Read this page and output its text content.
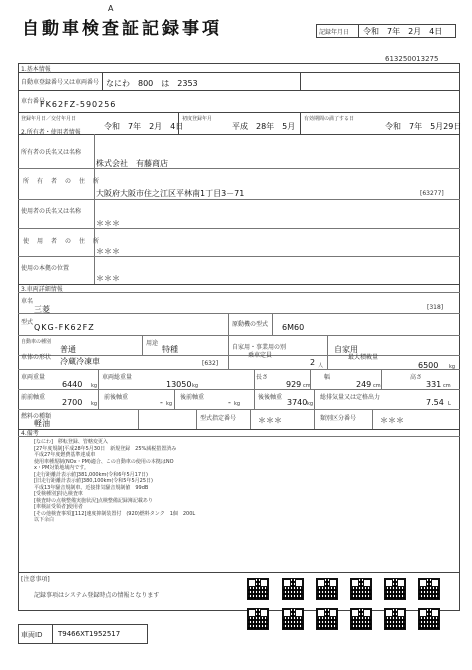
A
自動車検査証記録事項	記録年月日 令和　7年　2月　4日
613250013275
1.基本情報
自動車登録番号又は車両番号 なにわ　800　は　2353
車台番号
FK62FZ-590256
登録年月日／交付年月日
令和　7年　2月　4日
初度登録年月
平成　28年　5月
有効期間の満了する日
令和　7年　5月29日
2.所有者・使用者情報
所有者の氏名又は名称
株式会社　有藤商店
所　有　者　の　住　所
大阪府大阪市住之江区平林南1丁目3－71	[63277]
使用者の氏名又は名称
＊＊＊
使　用　者　の　住　所
＊＊＊
使用の本拠の位置
＊＊＊
3.車両詳細情報
車名
三菱	[318]
型式
QKG-FK62FZ	原動機の型式 6M60
自動車の種別
普通
用途
特種	自家用・事業用の別	自家用
車体の形状 冷蔵冷凍車	[632]
乗車定員
2 人
最大積載量
6500 kg
車両重量
6440 kg
車両総重量
13050 kg
長さ
929 cm
幅
249 cm
高さ
331 cm
前前軸重
2700 kg
前後軸重
- kg
後前軸重
- kg
後後軸重
3740 kg
総排気量又は定格出力
7.54 L
燃料の種類
軽油
型式指定番号	＊＊＊	類別区分番号	＊＊＊
4.備考
[なにわ]　移転登録、管轄変更入
[27年度規制]平成28年5月30日　新規登録　25%減税措置済み
平成27年度燃費基準達成車
使用車種規制(NOx・PM)適合、この自動車の使用の本拠はNO
x・PM対策地域内です。
[走行距離計表示値]381,000km(令和6年5月17日)
[旧走行距離計表示値]380,100km(令和5年5月25日)
平成13年騒音規制車、近接排気騒音規制値　99dB
[受検種別]持込検査車
[検査時の点検整備実施状況]点検整備記録簿記載あり
[車検証受領者]使用者
[その他検査事項][112]速度抑制装置付　(920)燃料タンク　1個　200L
以下余白
[注意事項]
記録事項はシステム登録時点の情報となります
車両ID T9466XT1952517
